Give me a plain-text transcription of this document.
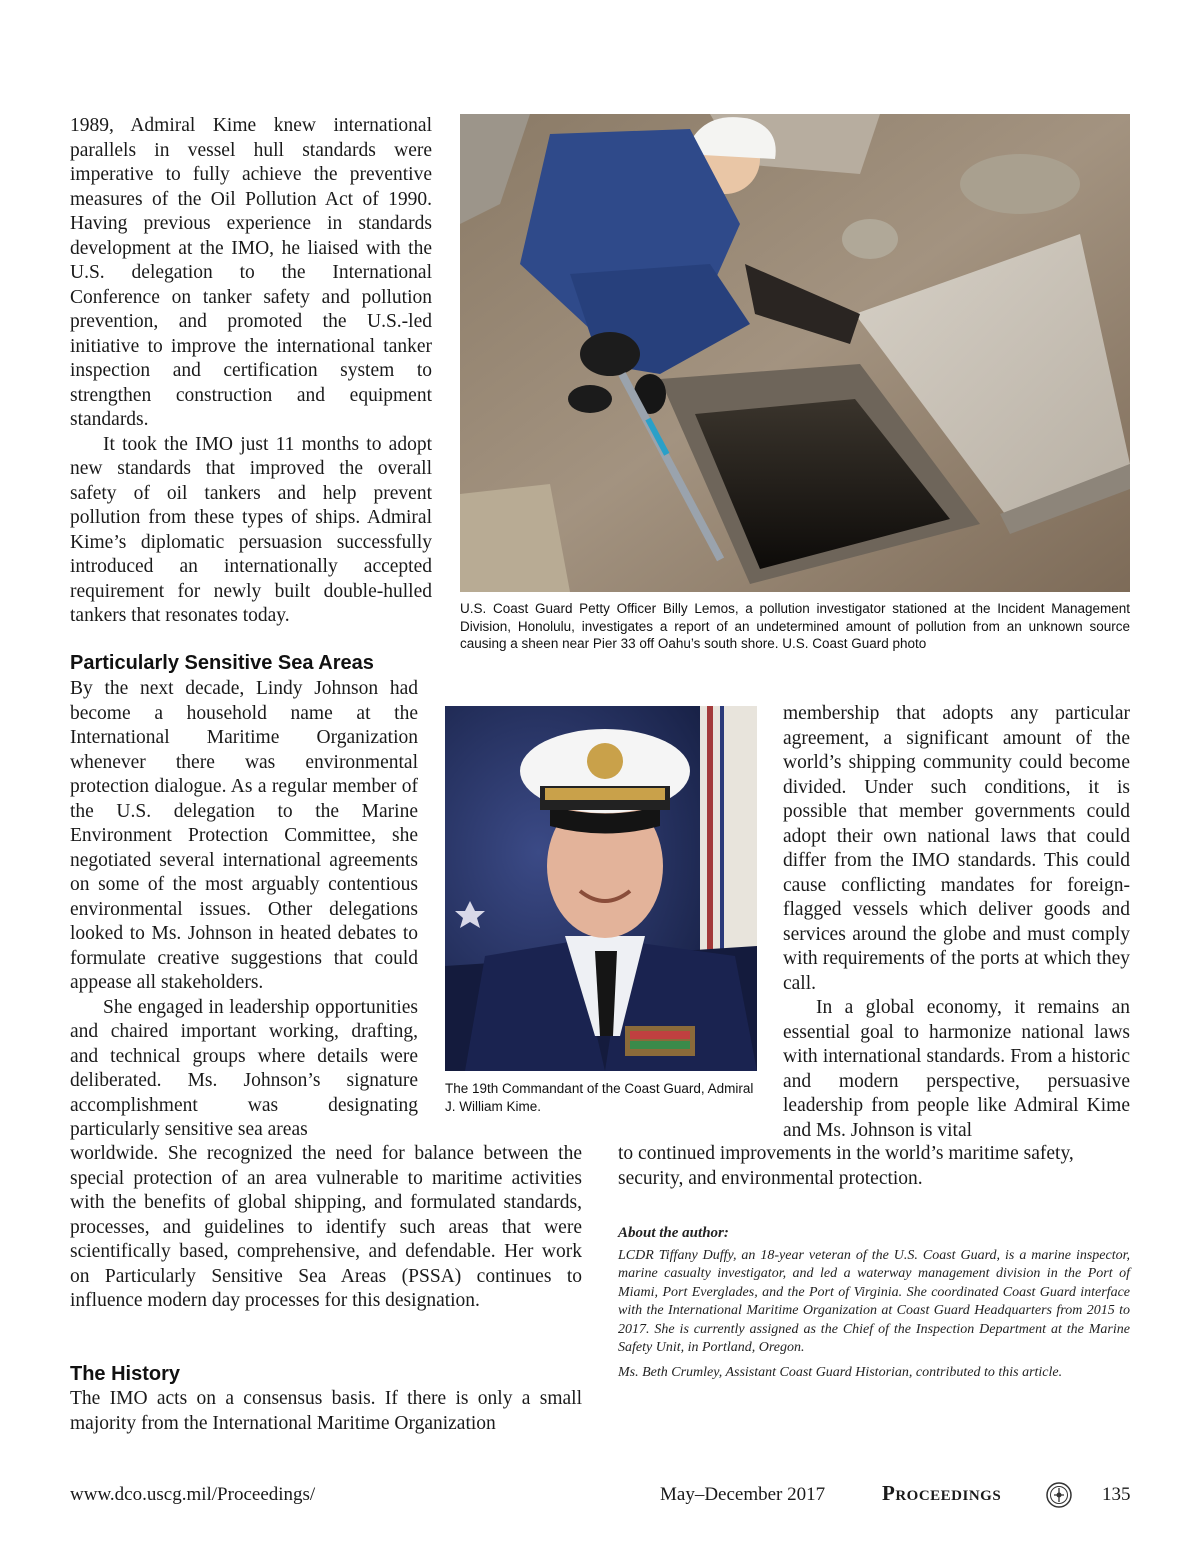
1989, Admiral Kime knew international parallels in vessel hull standards were imperative to fully achieve the preventive measures of the Oil Pollution Act of 1990. Having previous experience in standards development at the IMO, he liaised with the U.S. delegation to the International Conference on tanker safety and pollution prevention, and promoted the U.S.-led initiative to improve the international tanker inspection and certification system to strengthen construction and equipment standards.

It took the IMO just 11 months to adopt new standards that improved the overall safety of oil tankers and help prevent pollution from these types of ships. Admiral Kime’s diplomatic persuasion successfully introduced an internationally accepted requirement for newly built double-hulled tankers that resonates today.	U.S. Coast Guard Petty Officer Billy Lemos, a pollution investigator stationed at the Incident Management Division, Honolulu, investigates a report of an undetermined amount of pollution from an unknown source causing a sheen near Pier 33 off Oahu’s south shore. U.S. Coast Guard photo

Particularly Sensitive Sea Areas

By the next decade, Lindy Johnson had become a household name at the International Maritime Organization whenever there was environmental protection dialogue. As a regular member of the U.S. delegation to the Marine Environment Protection Committee, she negotiated several international agreements on some of the most arguably contentious environmental issues. Other delegations looked to Ms. Johnson in heated debates to formulate creative suggestions that could appease all stakeholders.

She engaged in leadership opportunities and chaired important working, drafting, and technical groups where details were deliberated. Ms. Johnson’s signature accomplishment was designating particularly sensitive sea areas

The 19th Commandant of the Coast Guard, Admiral J. William Kime.

membership that adopts any particular agreement, a significant amount of the world’s shipping community could become divided. Under such conditions, it is possible that member governments could adopt their own national laws that could differ from the IMO standards. This could cause conflicting mandates for foreign-flagged vessels which deliver goods and services around the globe and must comply with requirements of the ports at which they call.

In a global economy, it remains an essential goal to harmonize national laws with international standards. From a historic and modern perspective, persuasive leadership from people like Admiral Kime and Ms. Johnson is vital

worldwide. She recognized the need for balance between the special protection of an area vulnerable to maritime activities with the benefits of global shipping, and formulated standards, processes, and guidelines to identify such areas that were scientifically based, comprehensive, and defendable. Her work on Particularly Sensitive Sea Areas (PSSA) continues to influence modern day processes for this designation.

to continued improvements in the world’s maritime safety, security, and environmental protection.

The History

The IMO acts on a consensus basis. If there is only a small majority from the International Maritime Organization

About the author:

LCDR Tiffany Duffy, an 18-year veteran of the U.S. Coast Guard, is a marine inspector, marine casualty investigator, and led a waterway management division in the Port of Miami, Port Everglades, and the Port of Virginia. She coordinated Coast Guard interface with the International Maritime Organization at Coast Guard Headquarters from 2015 to 2017. She is currently assigned as the Chief of the Inspection Department at the Marine Safety Unit, in Portland, Oregon.

Ms. Beth Crumley, Assistant Coast Guard Historian, contributed to this article.

www.dco.uscg.mil/Proceedings/	May–December 2017	Proceedings	135
